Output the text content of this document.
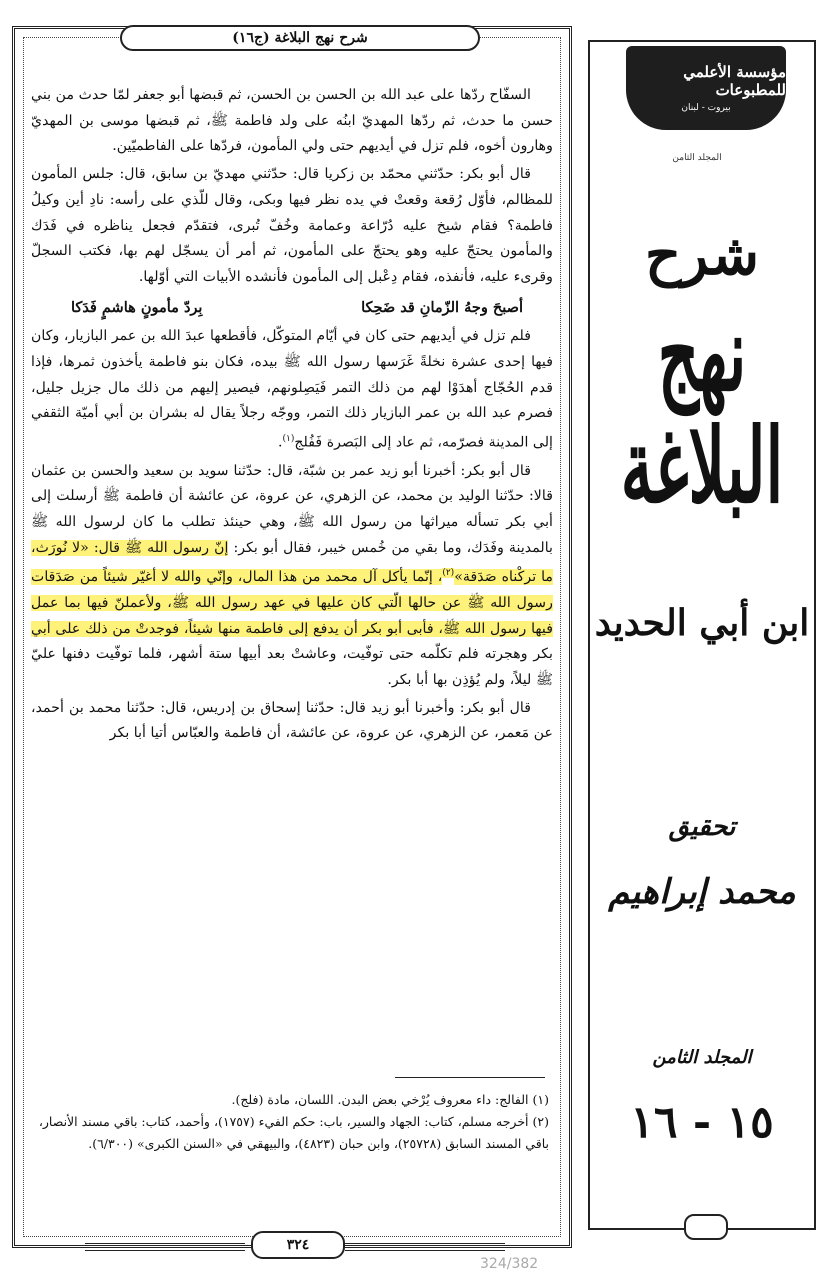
شرح نهج البلاغة (ج١٦)

السفّاح ردّها على عبد الله بن الحسن بن الحسن، ثم قبضها أبو جعفر لمّا حدث من بني حسن ما حدث، ثم ردّها المهديّ ابنُه على ولد فاطمة ﷺ، ثم قبضها موسى بن المهديّ وهارون أخوه، فلم تزل في أيديهم حتى ولي المأمون، فردّها على الفاطميّين.

قال أبو بكر: حدّثني محمّد بن زكريا قال: حدّثني مهديّ بن سابق، قال: جلس المأمون للمظالم، فأوّل رُقعة وقعتْ في يده نظر فيها وبكى، وقال للّذي على رأسه: نادِ أين وكيلُ فاطمة؟ فقام شيخ عليه دُرّاعة وعمامة وخُفّ تُبرى، فتقدّم فجعل يناظره في فَدَك والمأمون يحتجّ عليه وهو يحتجّ على المأمون، ثم أمر أن يسجّل لهم بها، فكتب السجلّ وقرىء عليه، فأنفذه، فقام دِعْبل إلى المأمون فأنشده الأبيات التي أوّلها.

أصبحَ وجهُ الزّمانِ قد ضَحِكا
بِردّ مأمونٍ هاشمٍ فَدَكا

فلم تزل في أيديهم حتى كان في أيّام المتوكّل، فأقطعها عبدَ الله بن عمر البازيار، وكان فيها إحدى عشرة نخلةً غَرَسها رسول الله ﷺ بيده، فكان بنو فاطمة يأخذون ثمرها، فإذا قدم الحُجّاج أهدَوْا لهم من ذلك التمر فَيَصِلونهم، فيصير إليهم من ذلك مال جزيل جليل، فصرم عبد الله بن عمر البازيار ذلك التمر، ووجّه رجلاً يقال له بشران بن أبي أميّة الثقفي إلى المدينة فصرّمه، ثم عاد إلى البَصرة فَفُلج$^{(١)}$.

قال أبو بكر: أخبرنا أبو زيد عمر بن شبّة، قال: حدّثنا سويد بن سعيد والحسن بن عثمان قالا: حدّثنا الوليد بن محمد، عن الزهري، عن عروة، عن عائشة أن فاطمة ﷺ أرسلت إلى أبي بكر تسأله ميراثها من رسول الله ﷺ، وهي حينئذ تطلب ما كان لرسول الله ﷺ بالمدينة وفَدَك، وما بقي من خُمس خيبر، فقال أبو بكر: إنّ رسول الله ﷺ قال: «لا نُورَث، ما تركْناه صَدَقة»$^{(٢)}$، إنّما يأكل آل محمد من هذا المال، وإنّي والله لا أغيّر شيئاً من صَدَقات رسول الله ﷺ عن حالها الّتي كان عليها في عهد رسول الله ﷺ، ولأعملنّ فيها بما عمل فيها رسول الله ﷺ، فأبى أبو بكر أن يدفع إلى فاطمة منها شيئاً، فوجدتْ من ذلك على أبي بكر وهجرته فلم تكلّمه حتى توفّيت، وعاشتْ بعد أبيها ستة أشهر، فلما توفّيت دفنها عليّ ﷺ ليلاً، ولم يُؤذِن بها أبا بكر.

قال أبو بكر: وأخبرنا أبو زيد قال: حدّثنا إسحاق بن إدريس، قال: حدّثنا محمد بن أحمد، عن مَعمر، عن الزهري، عن عروة، عن عائشة، أن فاطمة والعبّاس أتيا أبا بكر

(١) الفالج: داء معروف يُرْخي بعض البدن. اللسان، مادة (فلج).

(٢) أخرجه مسلم، كتاب: الجهاد والسير، باب: حكم الفيء (١٧٥٧)، وأحمد، كتاب: باقي مسند الأنصار، باقي المسند السابق (٢٥٧٢٨)، وابن حبان (٤٨٢٣)، والبيهقي في «السنن الكبرى» (٦/٣٠٠).

٣٢٤
مؤسسة الأعلمي للمطبوعات
بيروت - لبنان
المجلد الثامن
شرح
نهج البلاغة
ابن أبي الحديد
تحقيق
محمد إبراهيم
المجلد الثامن
١٥ - ١٦
324/382
